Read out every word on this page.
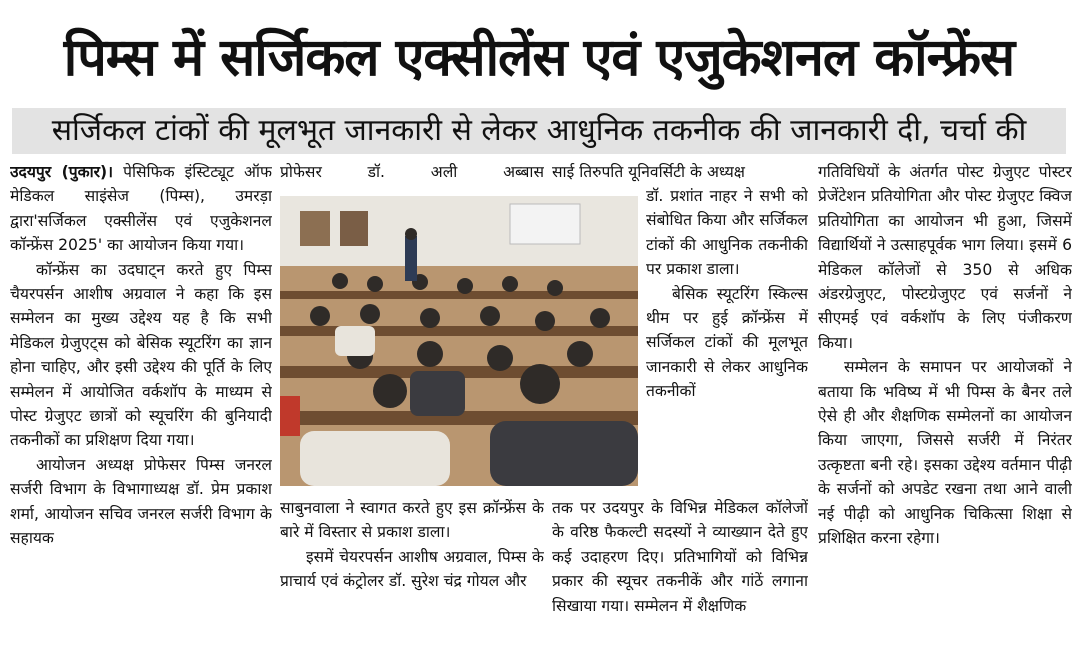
पिम्स में सर्जिकल एक्सीलेंस एवं एजुकेशनल कॉन्फ्रेंस
सर्जिकल टांकों की मूलभूत जानकारी से लेकर आधुनिक तकनीक की जानकारी दी, चर्चा की

उदयपुर (पुकार)। पेसिफिक इंस्टिट्यूट ऑफ मेडिकल साइंसेज (पिम्स), उमरड़ा द्वारा'सर्जिकल एक्सीलेंस एवं एजुकेशनल कॉन्फ्रेंस 2025' का आयोजन किया गया।

कॉन्फ्रेंस का उदघाट्न करते हुए पिम्स चैयरपर्सन आशीष अग्रवाल ने कहा कि इस सम्मेलन का मुख्य उद्देश्य यह है कि सभी मेडिकल ग्रेजुएट्स को बेसिक स्यूटरिंग का ज्ञान होना चाहिए, और इसी उद्देश्य की पूर्ति के लिए सम्मेलन में आयोजित वर्कशॉप के माध्यम से पोस्ट ग्रेजुएट छात्रों को स्यूचरिंग की बुनियादी तकनीकों का प्रशिक्षण दिया गया।

आयोजन अध्यक्ष प्रोफेसर पिम्स जनरल सर्जरी विभाग के विभागाध्यक्ष डॉ. प्रेम प्रकाश शर्मा, आयोजन सचिव जनरल सर्जरी विभाग के सहायक

प्रोफेसर डॉ. अली अब्बास

साबुनवाला ने स्वागत करते हुए इस क्रॉन्फ्रेंस के बारे में विस्तार से प्रकाश डाला।

इसमें चेयरपर्सन आशीष अग्रवाल, पिम्स के प्राचार्य एवं कंट्रोलर डॉ. सुरेश चंद्र गोयल और

साई तिरुपति यूनिवर्सिटी के अध्यक्ष

डॉ. प्रशांत नाहर ने सभी को संबोधित किया और सर्जिकल टांकों की आधुनिक तकनीकी पर प्रकाश डाला।

बेसिक स्यूटरिंग स्किल्स थीम पर हुई क्रॉन्फ्रेंस में सर्जिकल टांकों की मूलभूत जानकारी से लेकर आधुनिक तकनीकों

तक पर उदयपुर के विभिन्न मेडिकल कॉलेजों के वरिष्ठ फैकल्टी सदस्यों ने व्याख्यान देते हुए कई उदाहरण दिए। प्रतिभागियों को विभिन्न प्रकार की स्यूचर तकनीकें और गांठें लगाना सिखाया गया। सम्मेलन में शैक्षणिक

गतिविधियों के अंतर्गत पोस्ट ग्रेजुएट पोस्टर प्रेजेंटेशन प्रतियोगिता और पोस्ट ग्रेजुएट क्विज प्रतियोगिता का आयोजन भी हुआ, जिसमें विद्यार्थियों ने उत्साहपूर्वक भाग लिया। इसमें 6 मेडिकल कॉलेजों से 350 से अधिक अंडरग्रेजुएट, पोस्टग्रेजुएट एवं सर्जनों ने सीएमई एवं वर्कशॉप के लिए पंजीकरण किया।

सम्मेलन के समापन पर आयोजकों ने बताया कि भविष्य में भी पिम्स के बैनर तले ऐसे ही और शैक्षणिक सम्मेलनों का आयोजन किया जाएगा, जिससे सर्जरी में निरंतर उत्कृष्टता बनी रहे। इसका उद्देश्य वर्तमान पीढ़ी के सर्जनों को अपडेट रखना तथा आने वाली नई पीढ़ी को आधुनिक चिकित्सा शिक्षा से प्रशिक्षित करना रहेगा।
